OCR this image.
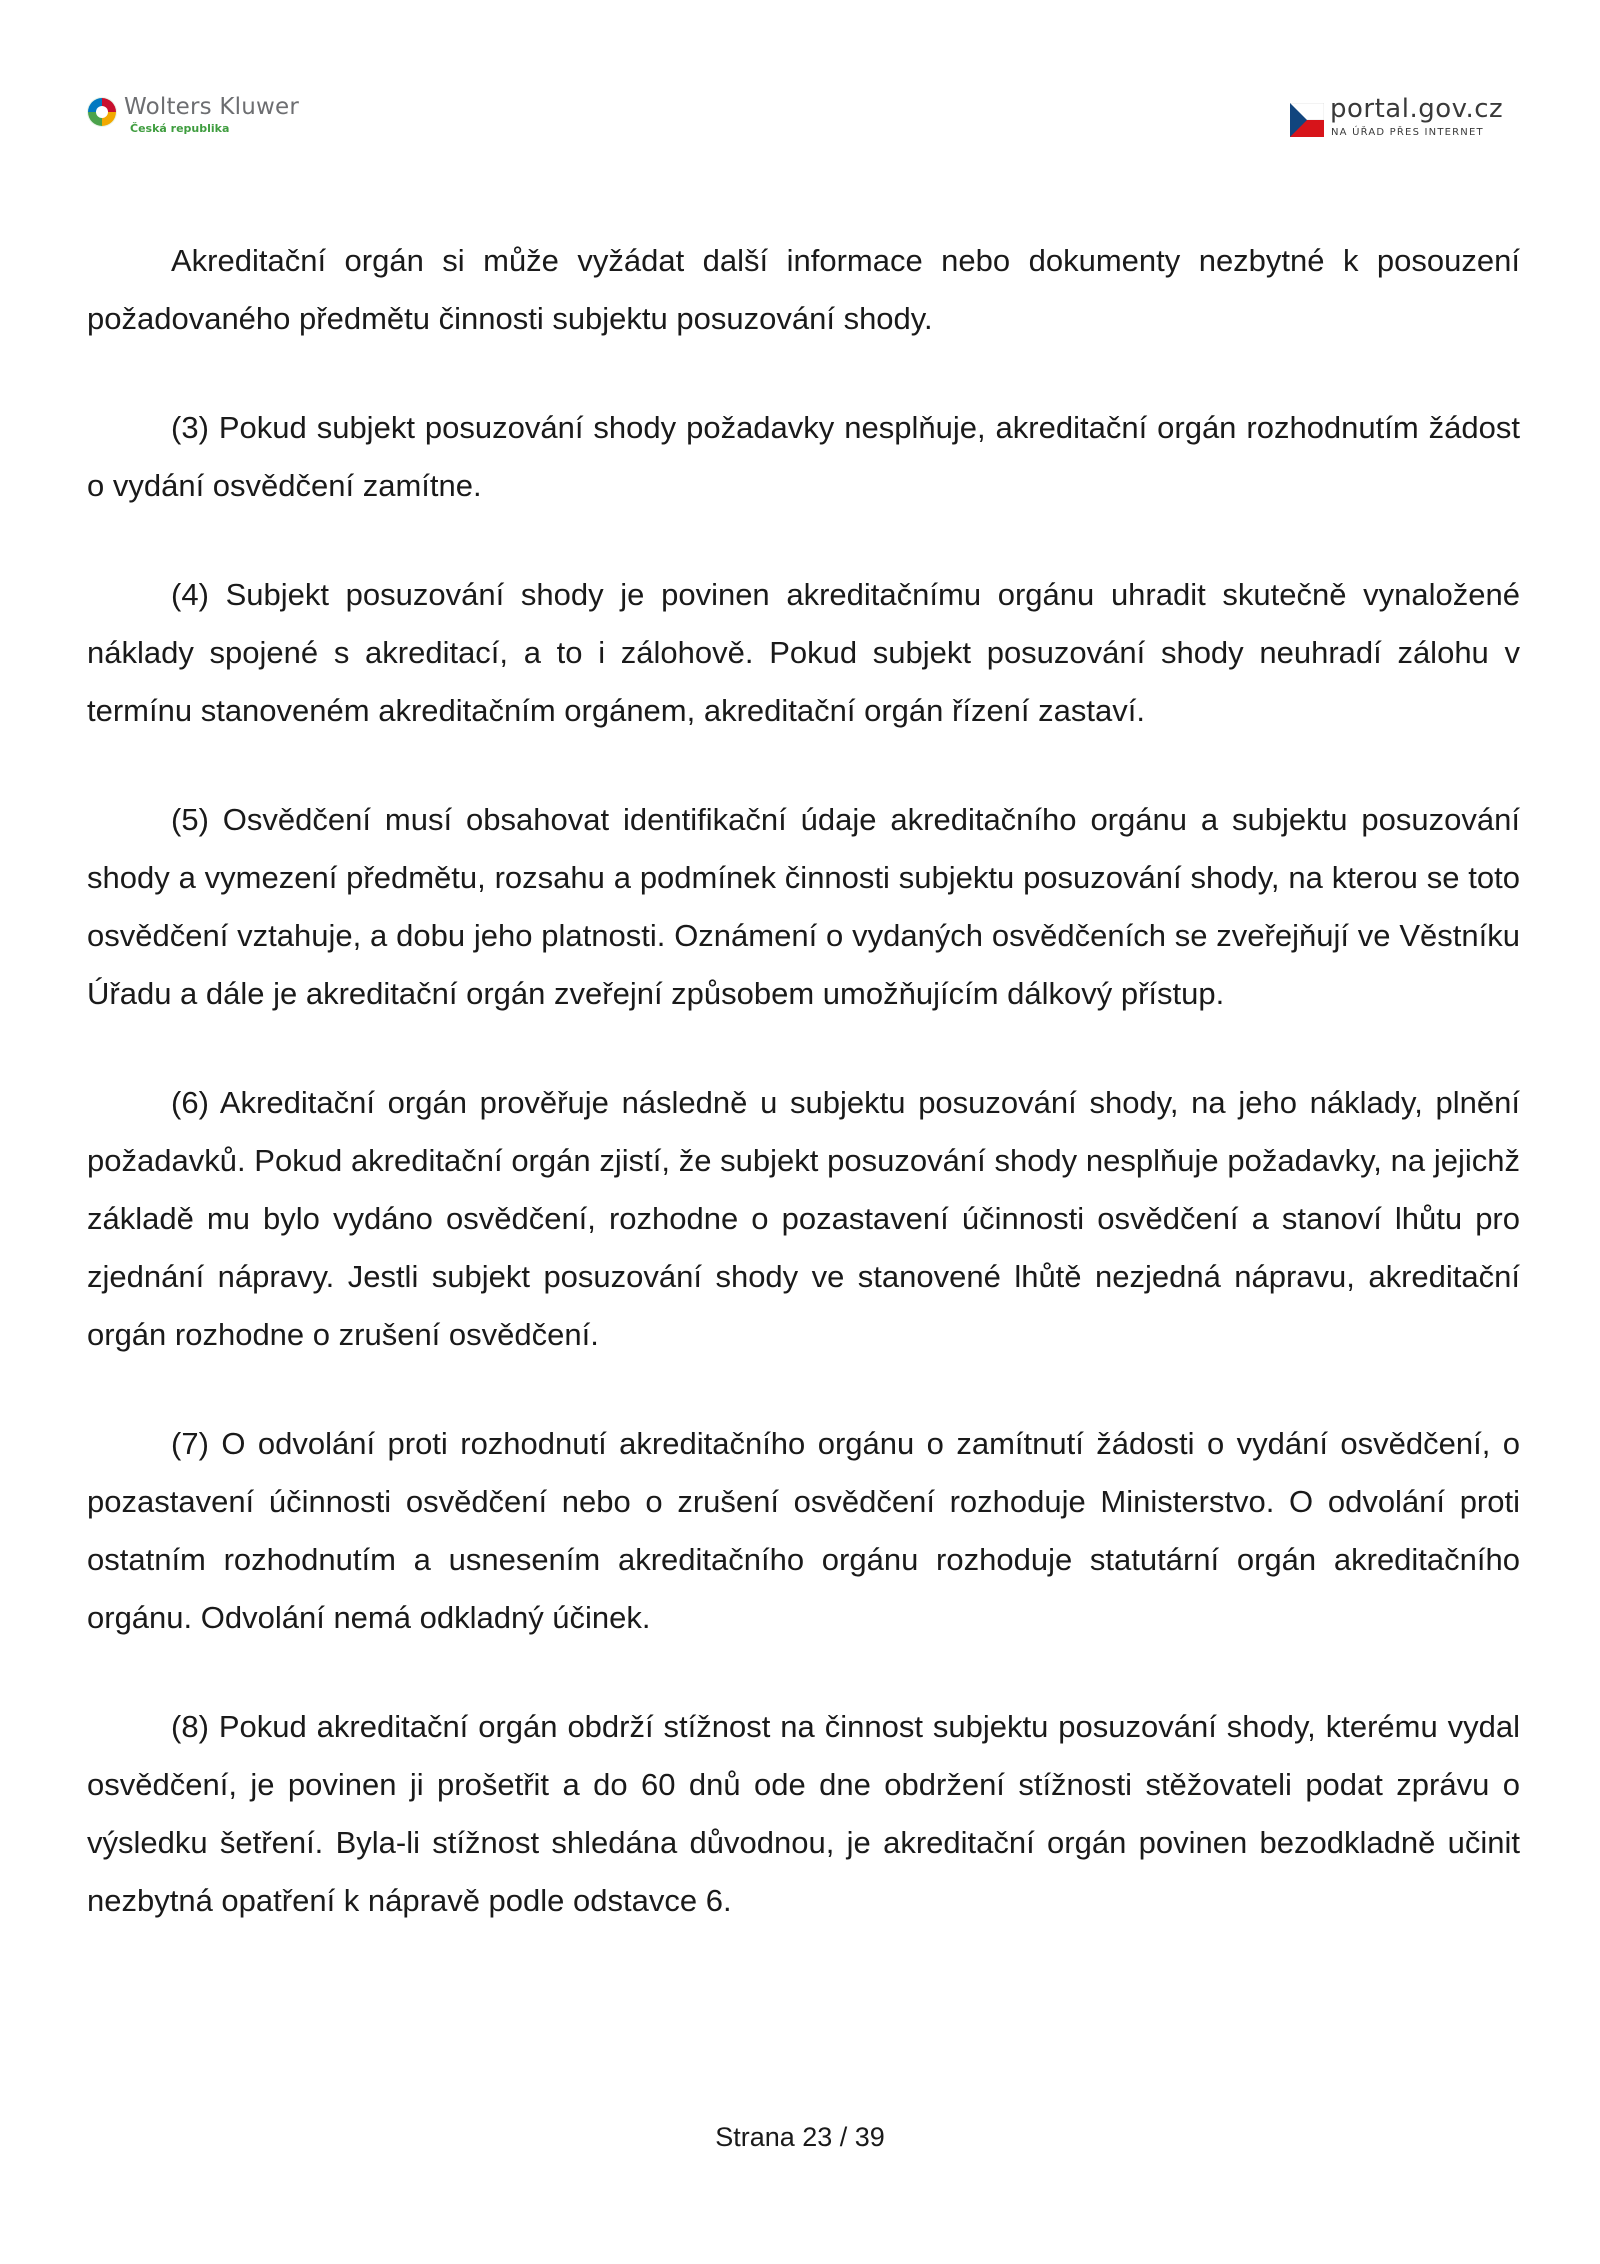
Wolters Kluwer
Česká republika
portal.gov.cz
NA ÚŘAD PŘES INTERNET

Akreditační orgán si může vyžádat další informace nebo dokumenty nezbytné k posouzení požadovaného předmětu činnosti subjektu posuzování shody.

(3) Pokud subjekt posuzování shody požadavky nesplňuje, akreditační orgán rozhodnutím žádost o vydání osvědčení zamítne.

(4) Subjekt posuzování shody je povinen akreditačnímu orgánu uhradit skutečně vynaložené náklady spojené s akreditací, a to i zálohově. Pokud subjekt posuzování shody neuhradí zálohu v termínu stanoveném akreditačním orgánem, akreditační orgán řízení zastaví.

(5) Osvědčení musí obsahovat identifikační údaje akreditačního orgánu a subjektu posuzování shody a vymezení předmětu, rozsahu a podmínek činnosti subjektu posuzování shody, na kterou se toto osvědčení vztahuje, a dobu jeho platnosti. Oznámení o vydaných osvědčeních se zveřejňují ve Věstníku Úřadu a dále je akreditační orgán zveřejní způsobem umožňujícím dálkový přístup.

(6) Akreditační orgán prověřuje následně u subjektu posuzování shody, na jeho náklady, plnění požadavků. Pokud akreditační orgán zjistí, že subjekt posuzování shody nesplňuje požadavky, na jejichž základě mu bylo vydáno osvědčení, rozhodne o pozastavení účinnosti osvědčení a stanoví lhůtu pro zjednání nápravy. Jestli subjekt posuzování shody ve stanovené lhůtě nezjedná nápravu, akreditační orgán rozhodne o zrušení osvědčení.

(7) O odvolání proti rozhodnutí akreditačního orgánu o zamítnutí žádosti o vydání osvědčení, o pozastavení účinnosti osvědčení nebo o zrušení osvědčení rozhoduje Ministerstvo. O odvolání proti ostatním rozhodnutím a usnesením akreditačního orgánu rozhoduje statutární orgán akreditačního orgánu. Odvolání nemá odkladný účinek.

(8) Pokud akreditační orgán obdrží stížnost na činnost subjektu posuzování shody, kterému vydal osvědčení, je povinen ji prošetřit a do 60 dnů ode dne obdržení stížnosti stěžovateli podat zprávu o výsledku šetření. Byla-li stížnost shledána důvodnou, je akreditační orgán povinen bezodkladně učinit nezbytná opatření k nápravě podle odstavce 6.

Strana 23 / 39
